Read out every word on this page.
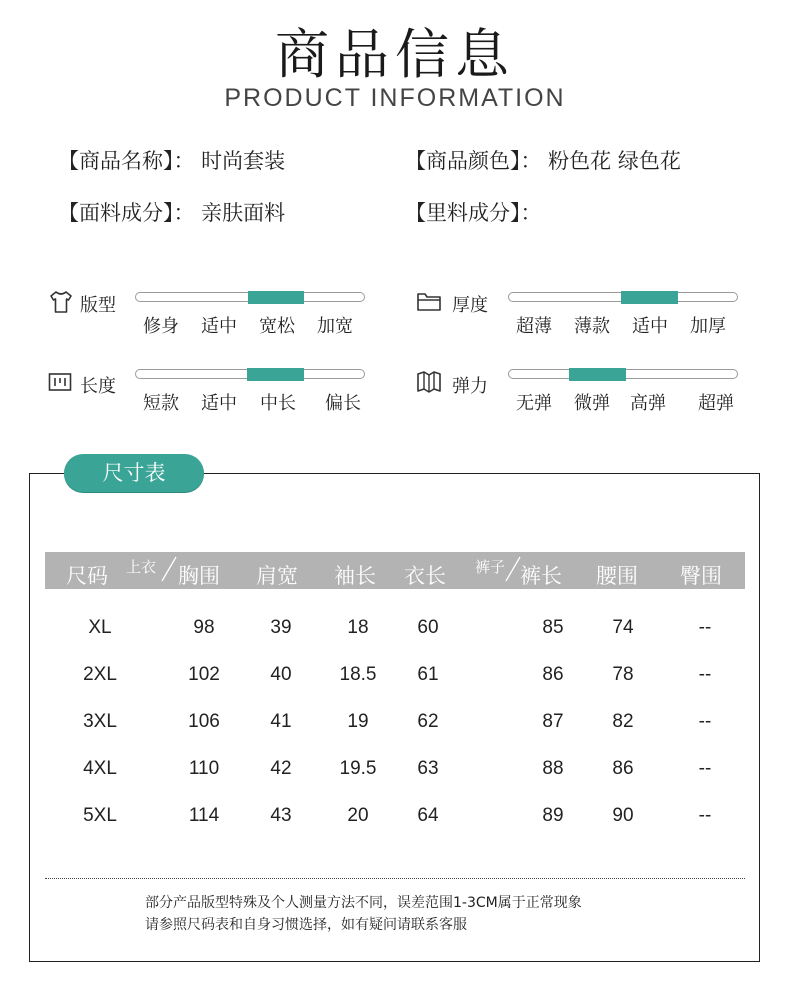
商品信息
PRODUCT INFORMATION
【商品名称】： 时尚套装	【商品颜色】： 粉色花 绿色花
【面料成分】： 亲肤面料	【里料成分】：
版型
修身 适中 宽松 加宽
长度
短款 适中 中长 偏长
厚度
超薄 薄款 适中 加厚
弹力
无弹 微弹 高弹 超弹
尺寸表
尺码 上衣 胸围 肩宽 袖长 衣长 裤子 裤长 腰围 臀围
XL	98	39	18	60	85	74	--
2XL	102	40	18.5	61	86	78	--
3XL	106	41	19	62	87	82	--
4XL	110	42	19.5	63	88	86	--
5XL	114	43	20	64	89	90	--
部分产品版型特殊及个人测量方法不同，误差范围1-3CM属于正常现象
请参照尺码表和自身习惯选择，如有疑问请联系客服
